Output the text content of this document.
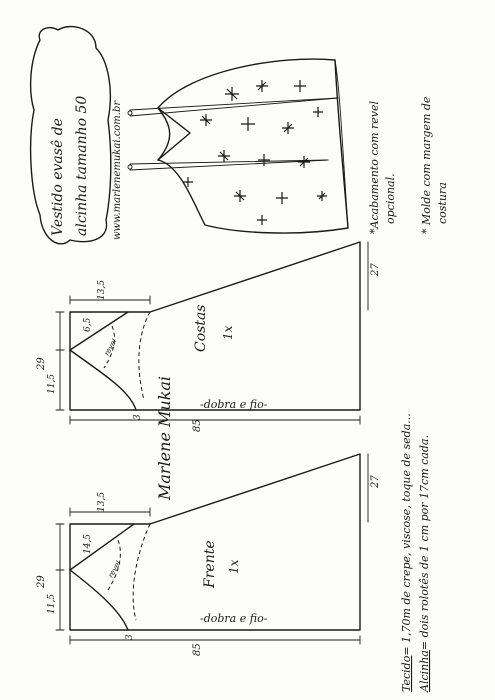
Vestido evasê de alcinha tamanho 50 www.marlenemukai.com.br	*Acabamento com revel opcional. * Molde com margem de costura
Costas 1x
-dobra e fio-
revel
27
85
29
11,5
13,5
6,5
3
Frente 1x
-dobra e fio-
revel
27
85
29
11,5
13,5
14,5
3
Marlene Mukai
Tecido= 1,70m de crepe, viscose, toque de seda...
Alcinha= dois rolotês de 1 cm por 17cm cada.
